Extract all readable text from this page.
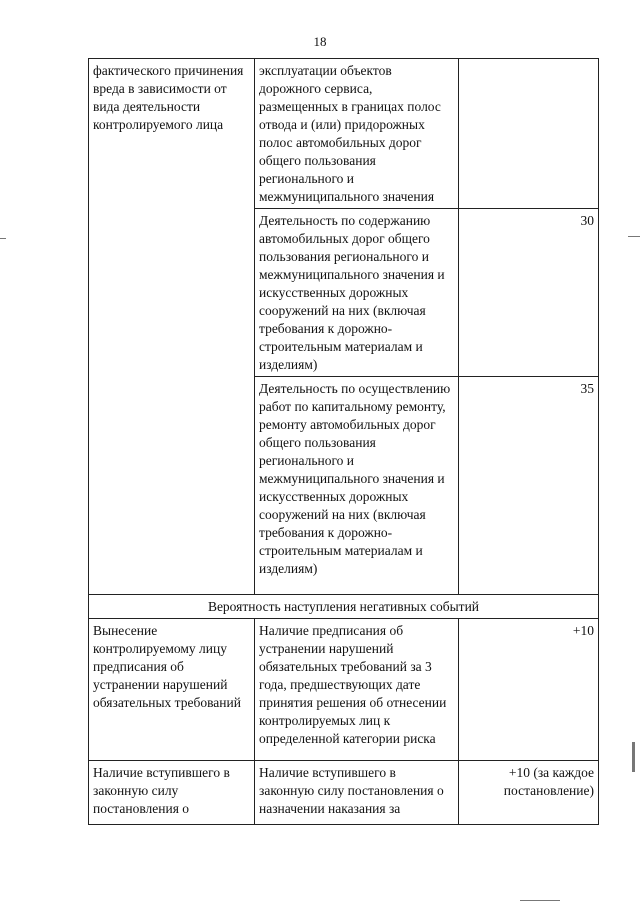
18
фактического причинения вреда в зависимости от вида деятельности контролируемого лица	эксплуатации объектов дорожного сервиса, размещенных в границах полос отвода и (или) придорожных полос автомобильных дорог общего пользования регионального и межмуниципального значения	
	Деятельность по содержанию автомобильных дорог общего пользования регионального и межмуниципального значения и искусственных дорожных сооружений на них (включая требования к дорожно-строительным материалам и изделиям)	30
	Деятельность по осуществлению работ по капитальному ремонту, ремонту автомобильных дорог общего пользования регионального и межмуниципального значения и искусственных дорожных сооружений на них (включая требования к дорожно-строительным материалам и изделиям)	35
Вероятность наступления негативных событий		
Вынесение контролируемому лицу предписания об устранении нарушений обязательных требований	Наличие предписания об устранении нарушений обязательных требований за 3 года, предшествующих дате принятия решения об отнесении контролируемых лиц к определенной категории риска	+10
Наличие вступившего в законную силу постановления о	Наличие вступившего в законную силу постановления о назначении наказания за	+10 (за каждое постановление)
